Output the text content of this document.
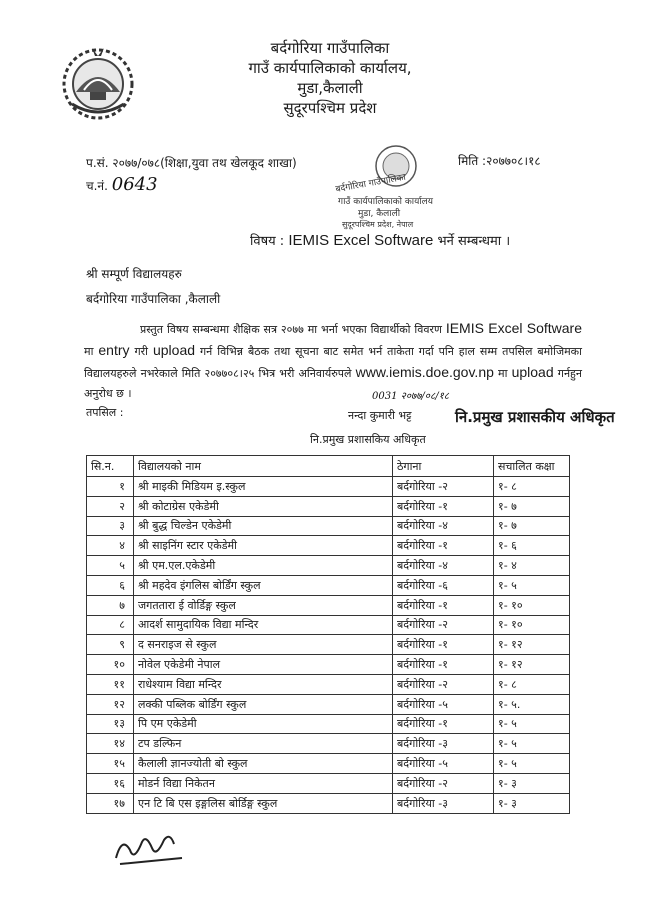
बर्दगोरिया गाउँपालिका
गाउँ कार्यपालिकाको कार्यालय,
मुडा,कैलाली
सुदूरपश्चिम प्रदेश
प.सं. २०७७/०७८(शिक्षा,युवा तथ खेलकूद शाखा)
च.नं. 0643	बर्दगोरिया गाउँपालिका
गाउँ कार्यपालिकाको कार्यालय
मुडा, कैलाली
सुदूरपश्चिम प्रदेश, नेपाल
मिति :२०७७०८।१८
विषय : IEMIS Excel Software भर्ने सम्बन्धमा ।
श्री सम्पूर्ण विद्यालयहरु
बर्दगोरिया गाउँपालिका ,कैलाली
प्रस्तुत विषय सम्बन्धमा शैक्षिक सत्र २०७७ मा भर्ना भएका विद्यार्थीको विवरण IEMIS Excel Software मा entry गरी upload गर्न विभिन्न बैठक तथा सूचना बाट समेत भर्न ताकेता गर्दा पनि हाल सम्म तपसिल बमोजिमका विद्यालयहरुले नभरेकाले मिति २०७७०८।२५ भित्र भरी अनिवार्यरुपले www.iemis.doe.gov.np मा upload गर्नहुन अनुरोध छ ।
तपसिल :
0031 २०७७/०८/१८
नन्दा कुमारी भट्ट	नि.प्रमुख प्रशासकीय अधिकृत
नि.प्रमुख प्रशासकिय अधिकृत
सि.न.	विद्यालयको नाम	ठेगाना	सचालित कक्षा
१	श्री माइकी मिडियम इ.स्कुल	बर्दगोरिया -२	१- ८
२	श्री कोटाग्रेस एकेडेमी	बर्दगोरिया -१	१- ७
३	श्री बुद्ध चिल्डेन एकेडेमी	बर्दगोरिया -४	१- ७
४	श्री साइनिंग स्टार एकेडेमी	बर्दगोरिया -१	१- ६
५	श्री एम.एल.एकेडेमी	बर्दगोरिया -४	१- ४
६	श्री महदेव इंगलिस बोर्डिंग स्कुल	बर्दगोरिया -६	१- ५
७	जगततारा ई वोर्डिङ्ग स्कुल	बर्दगोरिया -१	१- १०
८	आदर्श सामुदायिक विद्या मन्दिर	बर्दगोरिया -२	१- १०
९	द सनराइज से स्कुल	बर्दगोरिया -१	१- १२
१०	नोवेल एकेडेमी नेपाल	बर्दगोरिया -१	१- १२
११	राधेश्याम विद्या मन्दिर	बर्दगोरिया -२	१- ८
१२	लक्की पब्लिक बोर्डिंग स्कुल	बर्दगोरिया -५	१- ५.
१३	पि एम एकेडेमी	बर्दगोरिया -१	१- ५
१४	टप डल्फिन	बर्दगोरिया -३	१- ५
१५	कैलाली ज्ञानज्योती बो स्कुल	बर्दगोरिया -५	१- ५
१६	मोडर्न विद्या निकेतन	बर्दगोरिया -२	१- ३
१७	एन टि बि एस इङ्गलिस बोर्डिङ्ग स्कुल	बर्दगोरिया -३	१- ३
